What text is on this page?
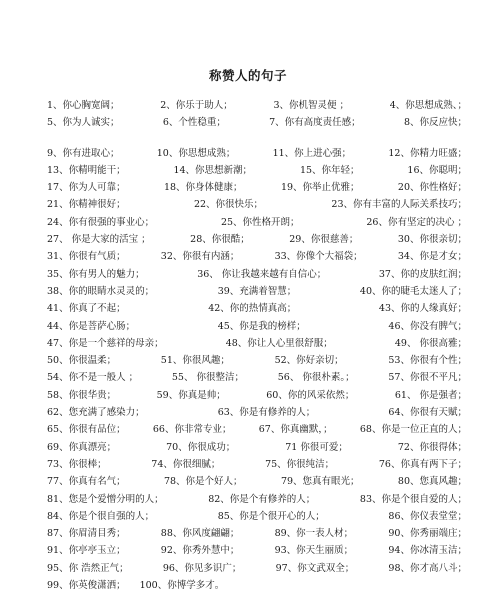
称赞人的句子
1、你心胸宽阔；	2、你乐于助人；	3、你机智灵便 ；	4、你思想成熟、；
5、你为人诚实；	6、个性稳重；	7、你有高度责任感；	8、你反应快；
9、你有进取心；	10、你思想成熟；	11、你上进心强；	12、你精力旺盛；
13、你精明能干；	14、你思想新潮；	15、你年轻；	16、你聪明；
17、你为人可靠；	18、你身体健康；	19、你举止优雅；	20、你性格好；
21、你精神很好；	22、你很快乐；	23、你有丰富的人际关系技巧；
24、你有很强的事业心；	25、你性格开朗；	26、你有坚定的决心 ；
27、 你是大家的活宝 ；	28、你很酷；	29、你很慈善；	30、你很亲切；
31、你很有气质；	32、你很有内涵；	33、你像个大福袋；	34、你是才女；
35、你有男人的魅力；	36、 你让我越来越有自信心；	37、你的皮肤红润；
38、你的眼睛水灵灵的；	39、充满着智慧；	40、你的睫毛太迷人了；
41、你真了不起；	42、你的热情真高；	43、你的人缘真好；
44、你是菩萨心肠；	45、你是我的榜样；	46、你没有脾气；
47、你是一个慈祥的母亲；	48、你让人心里很舒服；	49、 你很高雅；
50、你很温柔；	51、你很风趣；	52、你好亲切；	53、你很有个性；
54、你不是一般人 ；	55、 你很整洁；	56、 你很朴素。；	57、你很不平凡；
58、你很华贵；	59、你真是帅；	60、你的风采依然；	61、 你是强者；
62、您充满了感染力；	63、你是有修养的人；	64、你很有天赋；
65、你很有品位；	66、你非常专业；	67、你真幽默，；	68、你是一位正直的人；
69、你真漂亮；	70、你很成功；	71 你很可爱；	72、你很得体；
73、你很棒；	74、你很细腻；	75、你很纯洁；	76、你真有两下子；
77、你真有名气；	78、你是个好人；	79、您真有眼光；	80、您真风趣；
81、您是个爱憎分明的人；	82、你是个有修养的人；	83、你是个很自爱的人；
84、你是个很自强的人；	85、你是个很开心的人；	86、你仪表堂堂；
87、你眉清目秀；	88、你风度翩翩；	89、你一表人材；	90、你秀丽端庄；
91、你亭亭玉立；	92、你秀外慧中；	93、你天生丽质；	94、你冰清玉洁；
95、你 浩然正气；	96、你见多识广；	97、你文武双全；	98、你才高八斗；
99、你英俊潇洒； 100、你博学多才。
